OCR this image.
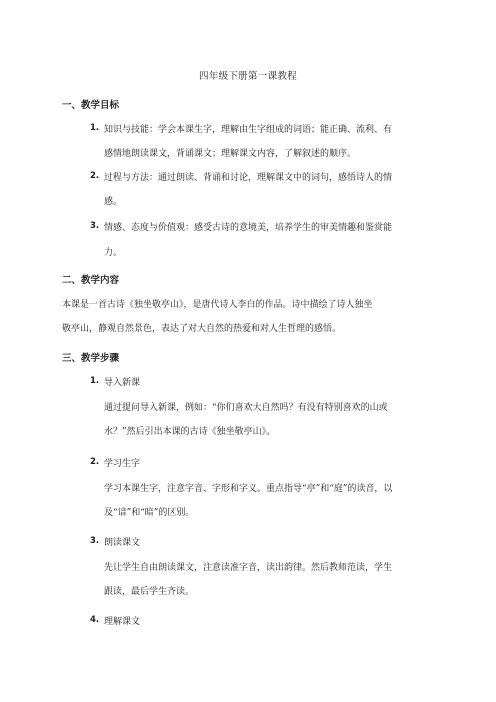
四年级下册第一课教程
一、教学目标
1. 知识与技能：学会本课生字，理解由生字组成的词语；能正确、流利、有
感情地朗读课文，背诵课文；理解课文内容，了解叙述的顺序。
2. 过程与方法：通过朗读、背诵和讨论，理解课文中的词句，感悟诗人的情
感。
3. 情感、态度与价值观：感受古诗的意境美，培养学生的审美情趣和鉴赏能
力。
二、教学内容
本课是一首古诗《独坐敬亭山》，是唐代诗人李白的作品。诗中描绘了诗人独坐
敬亭山，静观自然景色，表达了对大自然的热爱和对人生哲理的感悟。
三、教学步骤
1. 导入新课
通过提问导入新课，例如：“你们喜欢大自然吗？有没有特别喜欢的山或
水？”然后引出本课的古诗《独坐敬亭山》。
2. 学习生字
学习本课生字，注意字音、字形和字义。重点指导“亭”和“庭”的读音，以
及“谙”和“暗”的区别。
3. 朗读课文
先让学生自由朗读课文，注意读准字音，读出韵律。然后教师范读，学生
跟读，最后学生齐读。
4. 理解课文
